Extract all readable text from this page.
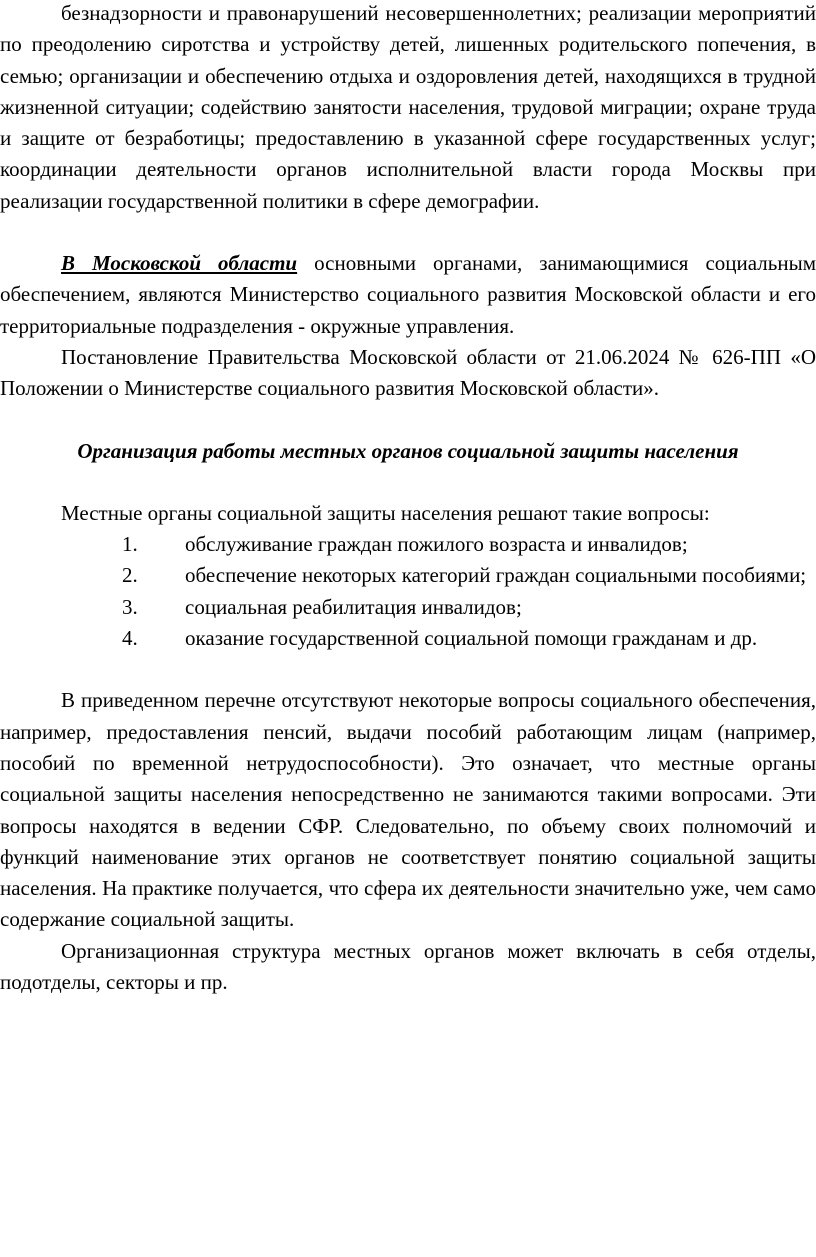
безнадзорности и правонарушений несовершеннолетних; реализации мероприятий по преодолению сиротства и устройству детей, лишенных родительского попечения, в семью; организации и обеспечению отдыха и оздоровления детей, находящихся в трудной жизненной ситуации; содействию занятости населения, трудовой миграции; охране труда и защите от безработицы; предоставлению в указанной сфере государственных услуг; координации деятельности органов исполнительной власти города Москвы при реализации государственной политики в сфере демографии.

В Московской области основными органами, занимающимися социальным обеспечением, являются Министерство социального развития Московской области и его территориальные подразделения - окружные управления.

Постановление Правительства Московской области от 21.06.2024 № 626-ПП «О Положении о Министерстве социального развития Московской области».

Организация работы местных органов социальной защиты населения

Местные органы социальной защиты населения решают такие вопросы:

1. обслуживание граждан пожилого возраста и инвалидов;

2. обеспечение некоторых категорий граждан социальными пособиями;

3. социальная реабилитация инвалидов;

4. оказание государственной социальной помощи гражданам и др.

В приведенном перечне отсутствуют некоторые вопросы социального обеспечения, например, предоставления пенсий, выдачи пособий работающим лицам (например, пособий по временной нетрудоспособности). Это означает, что местные органы социальной защиты населения непосредственно не занимаются такими вопросами. Эти вопросы находятся в ведении СФР. Следовательно, по объему своих полномочий и функций наименование этих органов не соответствует понятию социальной защиты населения. На практике получается, что сфера их деятельности значительно уже, чем само содержание социальной защиты.

Организационная структура местных органов может включать в себя отделы, подотделы, секторы и пр.
